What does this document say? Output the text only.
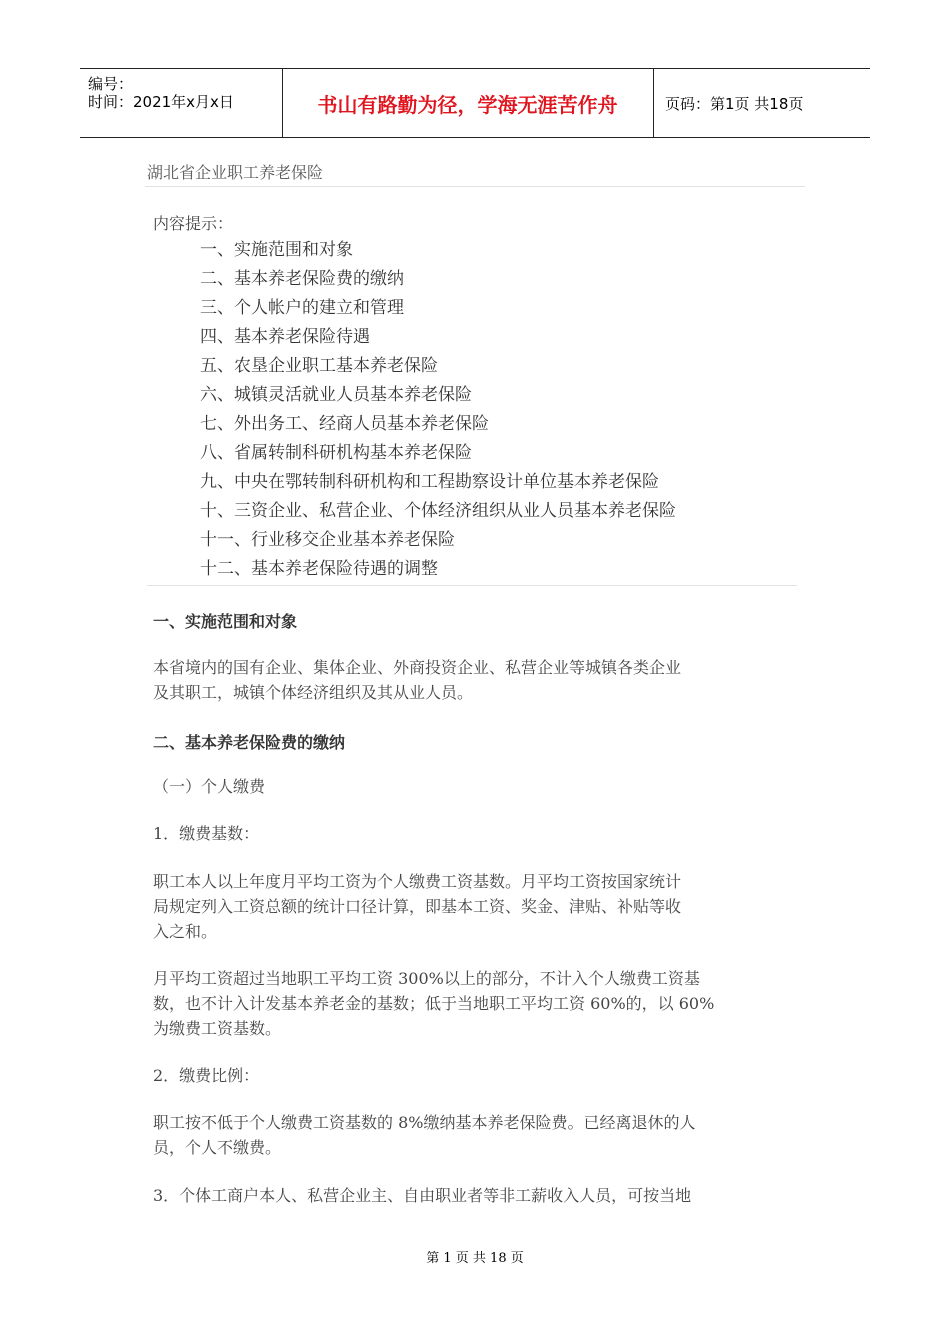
编号：
时间：2021年x月x日	书山有路勤为径，学海无涯苦作舟	页码：第1页 共18页
湖北省企业职工养老保险
内容提示：
一、实施范围和对象
二、基本养老保险费的缴纳
三、个人帐户的建立和管理
四、基本养老保险待遇
五、农垦企业职工基本养老保险
六、城镇灵活就业人员基本养老保险
七、外出务工、经商人员基本养老保险
八、省属转制科研机构基本养老保险
九、中央在鄂转制科研机构和工程勘察设计单位基本养老保险
十、三资企业、私营企业、个体经济组织从业人员基本养老保险
十一、行业移交企业基本养老保险
十二、基本养老保险待遇的调整
一、实施范围和对象
本省境内的国有企业、集体企业、外商投资企业、私营企业等城镇各类企业
及其职工，城镇个体经济组织及其从业人员。
二、基本养老保险费的缴纳
（一）个人缴费
1．缴费基数：
职工本人以上年度月平均工资为个人缴费工资基数。月平均工资按国家统计
局规定列入工资总额的统计口径计算，即基本工资、奖金、津贴、补贴等收
入之和。
月平均工资超过当地职工平均工资 300%以上的部分，不计入个人缴费工资基
数，也不计入计发基本养老金的基数；低于当地职工平均工资 60%的，以 60%
为缴费工资基数。
2．缴费比例：
职工按不低于个人缴费工资基数的 8%缴纳基本养老保险费。已经离退休的人
员，个人不缴费。
3．个体工商户本人、私营企业主、自由职业者等非工薪收入人员，可按当地
第 1 页 共 18 页
